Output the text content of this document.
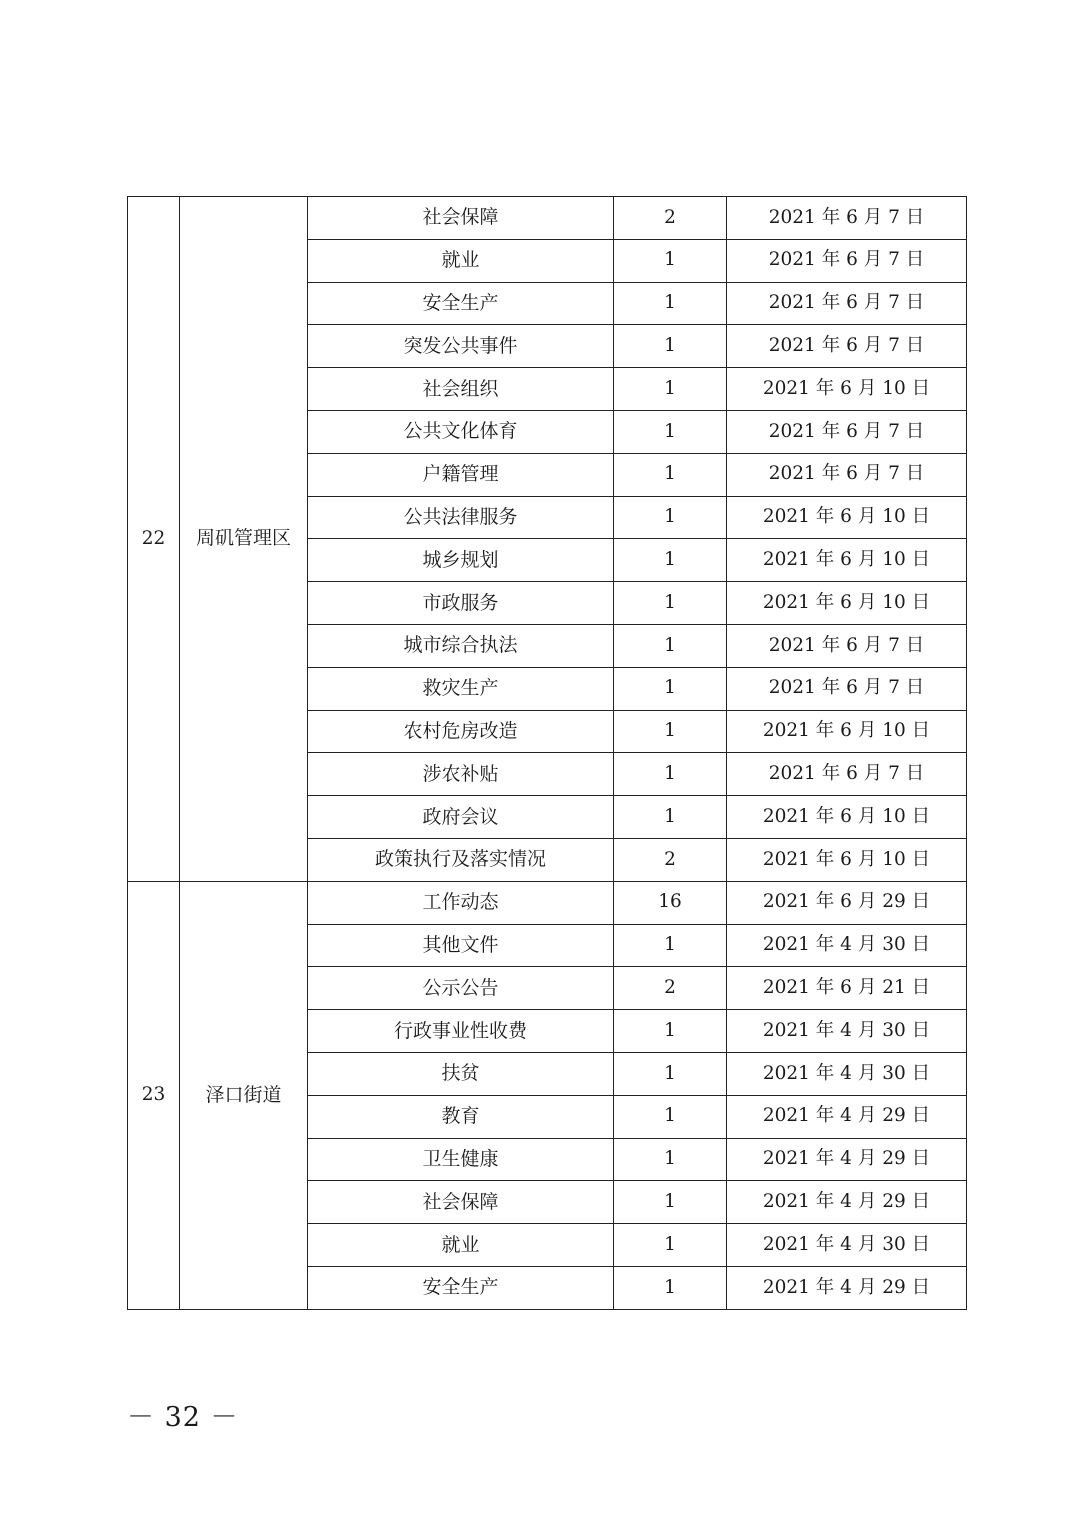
22	周矶管理区	社会保障	2	2021 年 6 月 7 日
		就业	1	2021 年 6 月 7 日
		安全生产	1	2021 年 6 月 7 日
		突发公共事件	1	2021 年 6 月 7 日
		社会组织	1	2021 年 6 月 10 日
		公共文化体育	1	2021 年 6 月 7 日
		户籍管理	1	2021 年 6 月 7 日
		公共法律服务	1	2021 年 6 月 10 日
		城乡规划	1	2021 年 6 月 10 日
		市政服务	1	2021 年 6 月 10 日
		城市综合执法	1	2021 年 6 月 7 日
		救灾生产	1	2021 年 6 月 7 日
		农村危房改造	1	2021 年 6 月 10 日
		涉农补贴	1	2021 年 6 月 7 日
		政府会议	1	2021 年 6 月 10 日
		政策执行及落实情况	2	2021 年 6 月 10 日
23	泽口街道	工作动态	16	2021 年 6 月 29 日
		其他文件	1	2021 年 4 月 30 日
		公示公告	2	2021 年 6 月 21 日
		行政事业性收费	1	2021 年 4 月 30 日
		扶贫	1	2021 年 4 月 30 日
		教育	1	2021 年 4 月 29 日
		卫生健康	1	2021 年 4 月 29 日
		社会保障	1	2021 年 4 月 29 日
		就业	1	2021 年 4 月 30 日
		安全生产	1	2021 年 4 月 29 日
－ 32 －
